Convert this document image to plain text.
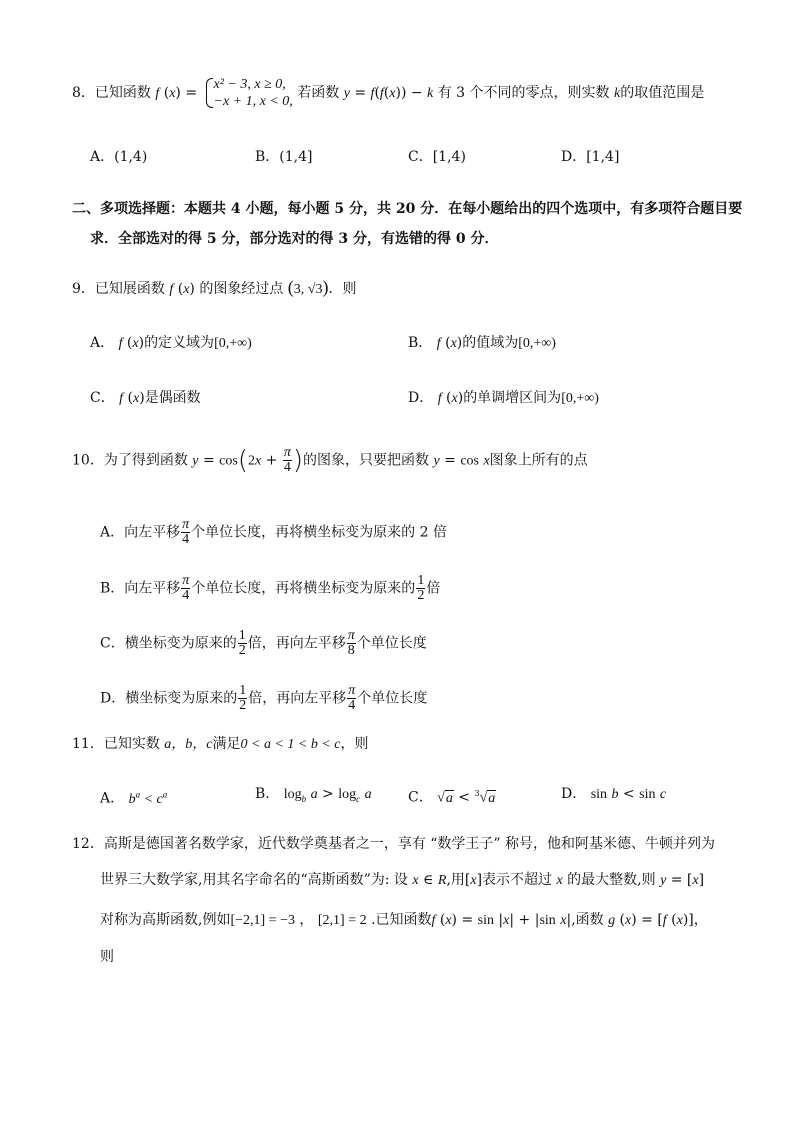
8．已知函数 f (x) =
x² − 3, x ≥ 0,
−x + 1, x < 0,
若函数 y = f(f(x)) − k 有 3 个不同的零点，则实数 k的取值范围是
A．(1,4)	B．(1,4]	C．[1,4)	D．[1,4]
二、多项选择题：本题共 4 小题，每小题 5 分，共 20 分．在每小题给出的四个选项中，有多项符合题目要
求．全部选对的得 5 分，部分选对的得 3 分，有选错的得 0 分．
9．已知展函数 f (x) 的图象经过点 (3, √3)．则
A． f (x)的定义域为[0,+∞)	B． f (x)的值域为[0,+∞)
C． f (x)是偶函数	D． f (x)的单调增区间为[0,+∞)
10．为了得到函数 $y = \cos(2x + \frac{\pi}{4}$ )的图象，只要把函数 y = cos x图象上所有的点
A．向左平移 $\frac{\pi}{4}$ 个单位长度，再将横坐标变为原来的 2 倍
B．向左平移 $\frac{\pi}{4}$ 个单位长度，再将横坐标变为原来的 $\frac{1}{2}$ 倍
C．横坐标变为原来的 $\frac{1}{2}$ 倍，再向左平移 $\frac{\pi}{8}$ 个单位长度
D．横坐标变为原来的 $\frac{1}{2}$ 倍，再向左平移 $\frac{\pi}{4}$ 个单位长度
11．已知实数 a，b，c满足0 < a < 1 < b < c，则
A． $b^a < c^a$	B． $\log_b a > \log_c a$	C． √a < $^3$√a	D． sin b < sin c
12．高斯是德国著名数学家，近代数学奠基者之一，享有 “数学王子” 称号，他和阿基米德、牛顿并列为
世界三大数学家,用其名字命名的“高斯函数”为: 设 x ∈ R,用[x]表示不超过 x 的最大整数,则 y = [x]
对称为高斯函数,例如[−2,1] = −3 ， [2,1] = 2 .已知函数f (x) = sin |x| + |sin x|,函数 g (x) = [f (x)]，
则
